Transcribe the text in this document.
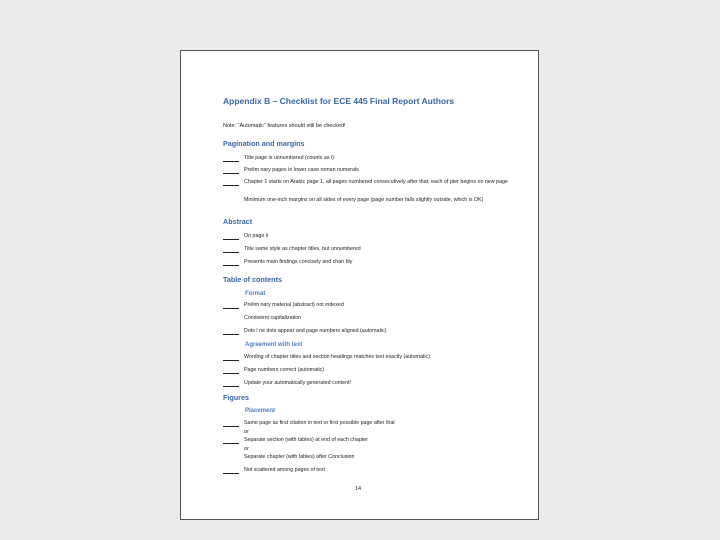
Appendix B – Checklist for ECE 445 Final Report Authors

Note: “Automatic” features should still be checked!

Pagination and margins

Title page is unnumbered (counts as i)
Prelim nary pages in lower case roman numerals
Chapter 1 starts on Arabic page 1, all pages numbered consecutively after that; each of pter begins on new page
Minimum one-inch margins on all sides of every page (page number falls slightly outside, which is OK)

Abstract

On page ii
Title same style as chapter titles, but unnumbered
Presents main findings concisely and chan bly

Table of contents

Format

Prelim nary material (abstract) not indexed

Consistent capitalization

Dots l ne dots appear and page numbers aligned (automatic)

Agreement with text

Wording of chapter titles and section headings matches text exactly (automatic)
Page numbers correct (automatic)
Update your automatically generated content!

Figures

Placement

Same page as first citation in text or first possible page after that

or

Separate section (with tables) at end of each chapter

or

Separate chapter (with tables) after Conclusion

Not scattered among pages of text

14
